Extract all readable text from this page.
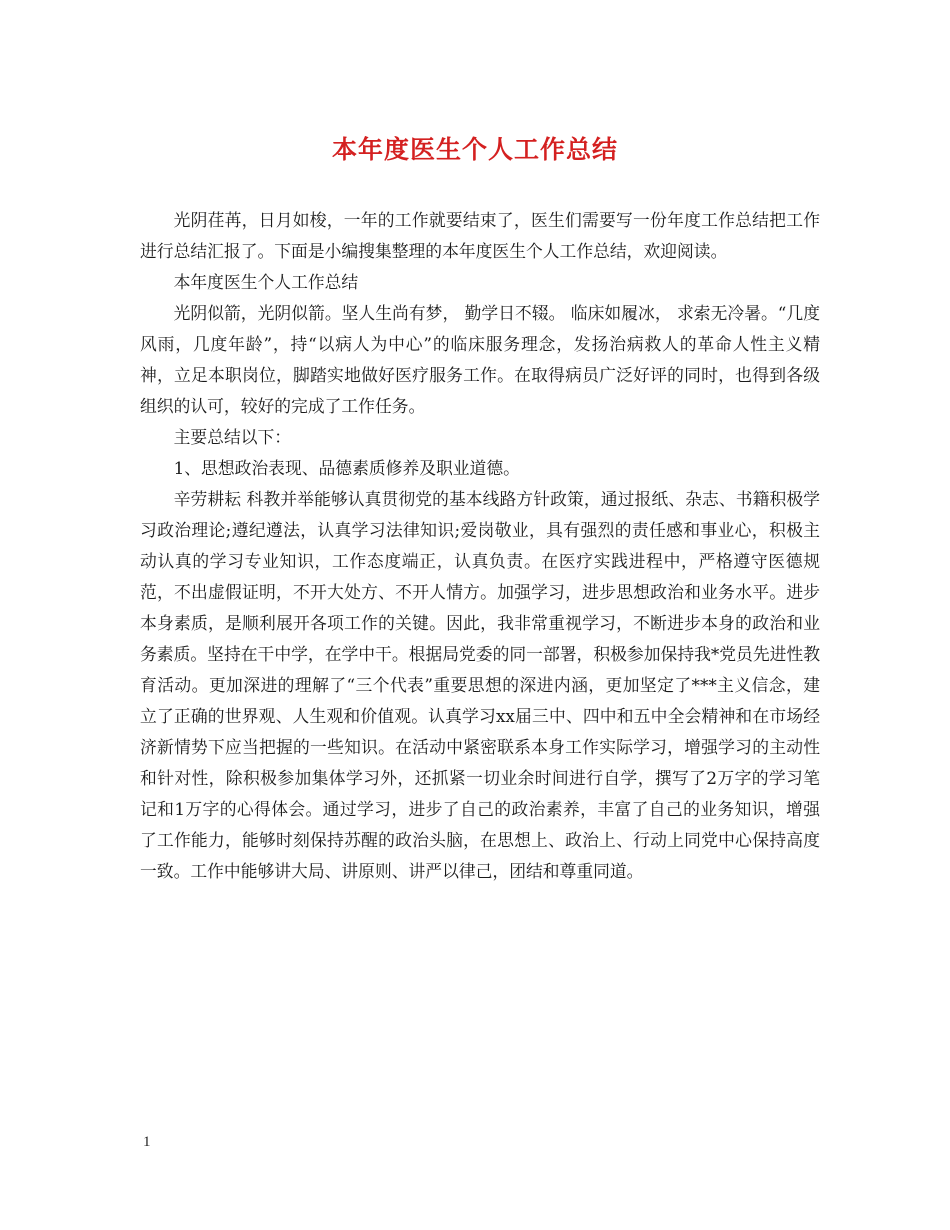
本年度医生个人工作总结

光阴荏苒，日月如梭，一年的工作就要结束了，医生们需要写一份年度工作总结把工作进行总结汇报了。下面是小编搜集整理的本年度医生个人工作总结，欢迎阅读。

本年度医生个人工作总结

光阴似箭，光阴似箭。坚人生尚有梦， 勤学日不辍。 临床如履冰， 求索无冷暑。“几度风雨，几度年龄”，持“以病人为中心”的临床服务理念，发扬治病救人的革命人性主义精神，立足本职岗位，脚踏实地做好医疗服务工作。在取得病员广泛好评的同时，也得到各级组织的认可，较好的完成了工作任务。

主要总结以下：

1、思想政治表现、品德素质修养及职业道德。

辛劳耕耘 科教并举能够认真贯彻党的基本线路方针政策，通过报纸、杂志、书籍积极学习政治理论;遵纪遵法，认真学习法律知识;爱岗敬业，具有强烈的责任感和事业心，积极主动认真的学习专业知识，工作态度端正，认真负责。在医疗实践进程中，严格遵守医德规范，不出虚假证明，不开大处方、不开人情方。加强学习，进步思想政治和业务水平。进步本身素质，是顺利展开各项工作的关键。因此，我非常重视学习，不断进步本身的政治和业务素质。坚持在干中学，在学中干。根据局党委的同一部署，积极参加保持我*党员先进性教育活动。更加深进的理解了“三个代表”重要思想的深进内涵，更加坚定了***主义信念，建立了正确的世界观、人生观和价值观。认真学习xx届三中、四中和五中全会精神和在市场经济新情势下应当把握的一些知识。在活动中紧密联系本身工作实际学习，增强学习的主动性和针对性，除积极参加集体学习外，还抓紧一切业余时间进行自学，撰写了2万字的学习笔记和1万字的心得体会。通过学习，进步了自己的政治素养，丰富了自己的业务知识，增强了工作能力，能够时刻保持苏醒的政治头脑，在思想上、政治上、行动上同党中心保持高度一致。工作中能够讲大局、讲原则、讲严以律己，团结和尊重同道。

1
